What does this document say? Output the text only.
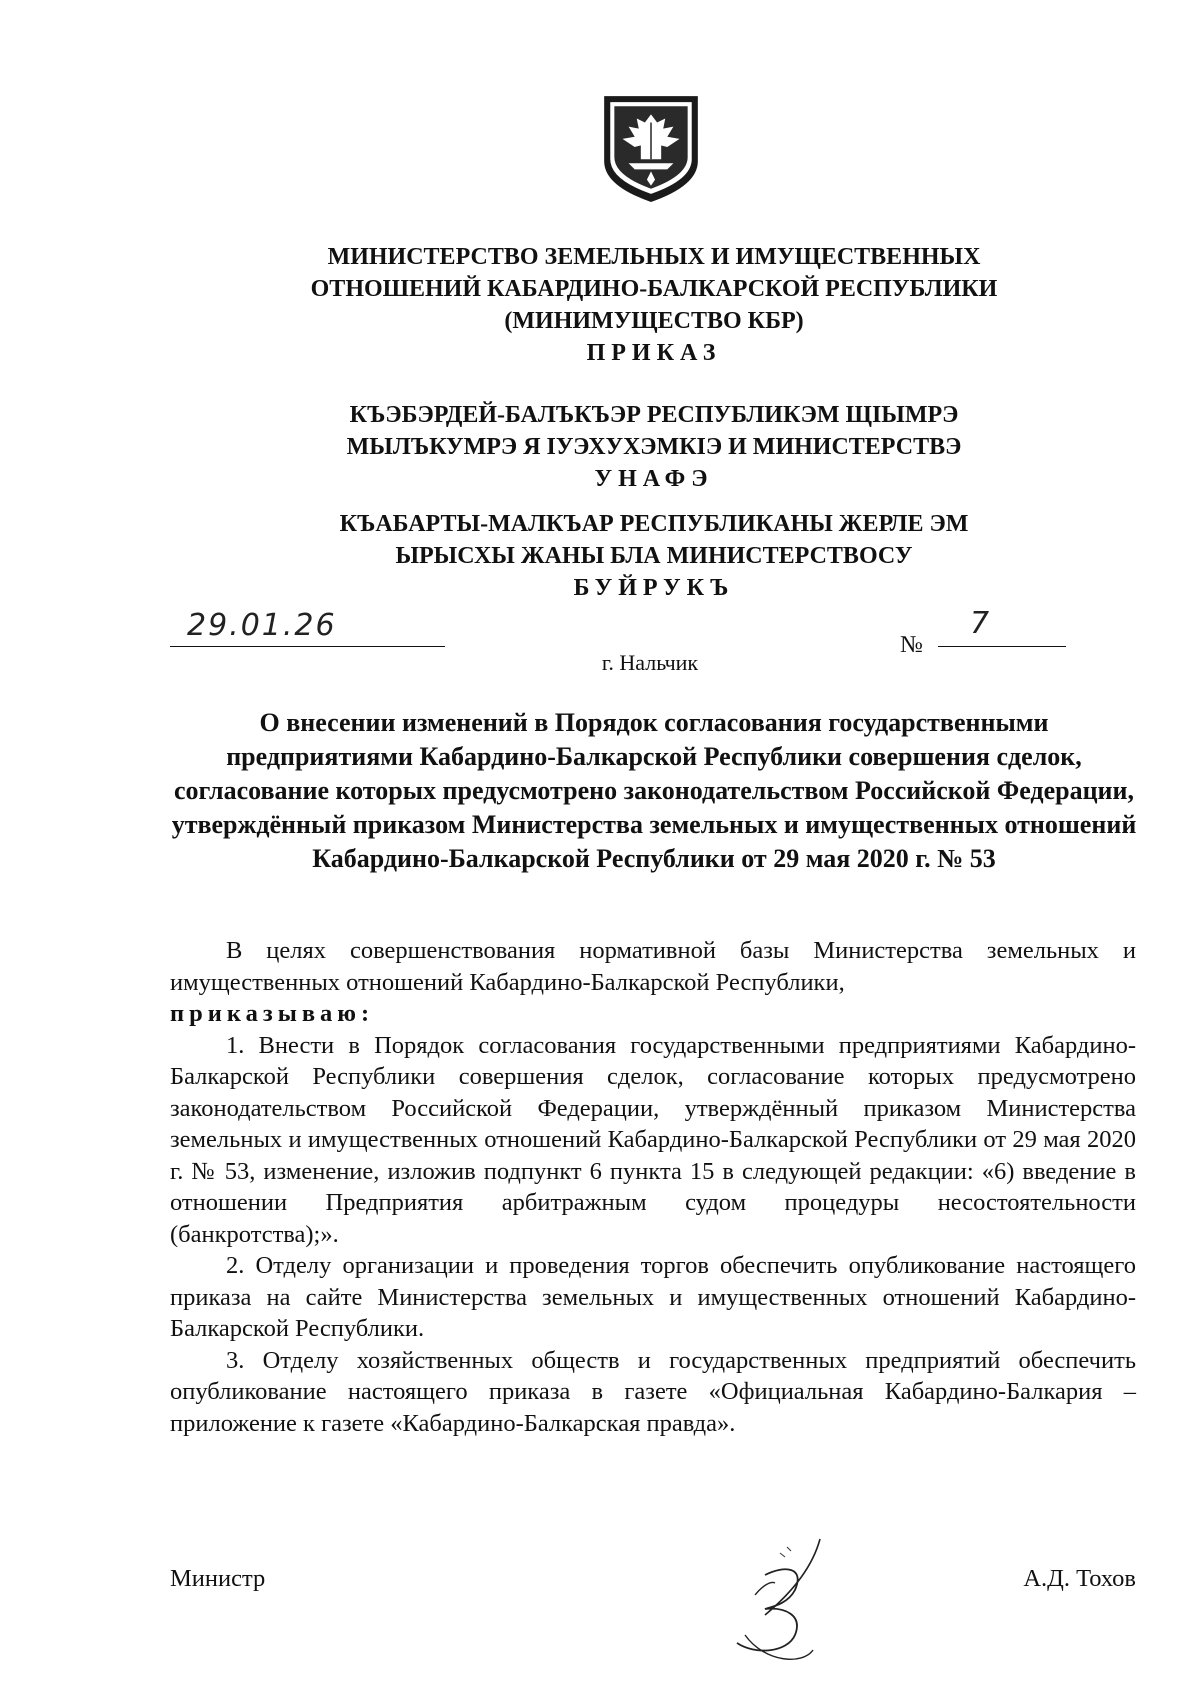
МИНИСТЕРСТВО ЗЕМЕЛЬНЫХ И ИМУЩЕСТВЕННЫХ
ОТНОШЕНИЙ КАБАРДИНО-БАЛКАРСКОЙ РЕСПУБЛИКИ
(МИНИМУЩЕСТВО КБР)
ПРИКАЗ
КЪЭБЭРДЕЙ-БАЛЪКЪЭР РЕСПУБЛИКЭМ ЩIЫМРЭ
МЫЛЪКУМРЭ Я IУЭХУХЭМКIЭ И МИНИСТЕРСТВЭ
УНАФЭ
КЪАБАРТЫ-МАЛКЪАР РЕСПУБЛИКАНЫ ЖЕРЛЕ ЭМ
ЫРЫСХЫ ЖАНЫ БЛА МИНИСТЕРСТВОСУ
БУЙРУКЪ
29.01.26
№
7
г. Нальчик
О внесении изменений в Порядок согласования государственными предприятиями Кабардино-Балкарской Республики совершения сделок, согласование которых предусмотрено законодательством Российской Федерации, утверждённый приказом Министерства земельных и имущественных отношений Кабардино-Балкарской Республики от 29 мая 2020 г. № 53

В целях совершенствования нормативной базы Министерства земельных и имущественных отношений Кабардино-Балкарской Республики,
приказываю:

1. Внести в Порядок согласования государственными предприятиями Кабардино-Балкарской Республики совершения сделок, согласование которых предусмотрено законодательством Российской Федерации, утверждённый приказом Министерства земельных и имущественных отношений Кабардино-Балкарской Республики от 29 мая 2020 г. № 53, изменение, изложив подпункт 6 пункта 15 в следующей редакции: «6) введение в отношении Предприятия арбитражным судом процедуры несостоятельности (банкротства);».

2. Отделу организации и проведения торгов обеспечить опубликование настоящего приказа на сайте Министерства земельных и имущественных отношений Кабардино-Балкарской Республики.

3. Отделу хозяйственных обществ и государственных предприятий обеспечить опубликование настоящего приказа в газете «Официальная Кабардино-Балкария – приложение к газете «Кабардино-Балкарская правда».

Министр	А.Д. Тохов
